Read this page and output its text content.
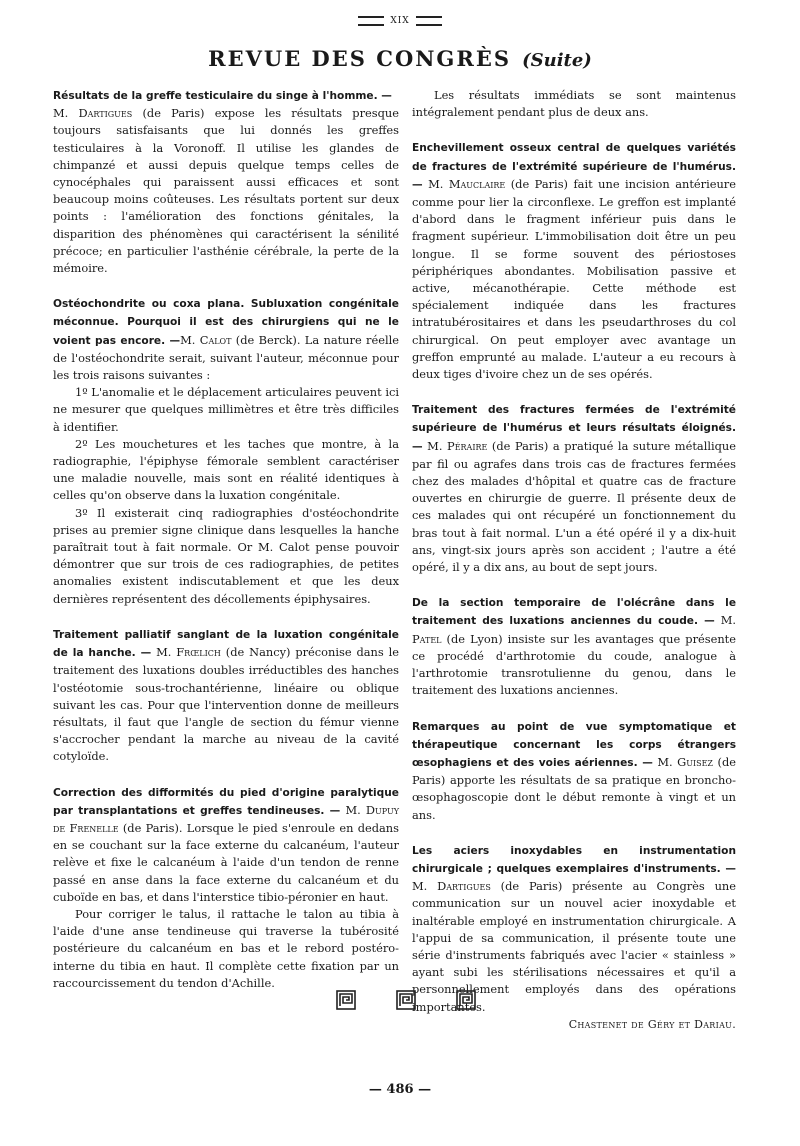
XIX
REVUE DES CONGRÈS (Suite)

Résultats de la greffe testiculaire du singe à l'homme. —
M. Dartigues (de Paris) expose les résultats presque toujours satisfaisants que lui donnés les greffes testiculaires à la Voronoff. Il utilise les glandes de chimpanzé et aussi depuis quelque temps celles de cynocéphales qui paraissent aussi efficaces et sont beaucoup moins coûteuses. Les résultats portent sur deux points : l'amélioration des fonctions génitales, la disparition des phénomènes qui caractérisent la sénilité précoce; en particulier l'asthénie cérébrale, la perte de la mémoire.

Ostéochondrite ou coxa plana. Subluxation congénitale méconnue. Pourquoi il est des chirurgiens qui ne le voient pas encore. —M. Calot (de Berck). La nature réelle de l'ostéochondrite serait, suivant l'auteur, méconnue pour les trois raisons suivantes :

1º L'anomalie et le déplacement articulaires peuvent ici ne mesurer que quelques millimètres et être très difficiles à identifier.

2º Les mouchetures et les taches que montre, à la radiographie, l'épiphyse fémorale semblent caractériser une maladie nouvelle, mais sont en réalité identiques à celles qu'on observe dans la luxation congénitale.

3º Il existerait cinq radiographies d'ostéochondrite prises au premier signe clinique dans lesquelles la hanche paraîtrait tout à fait normale. Or M. Calot pense pouvoir démontrer que sur trois de ces radiographies, de petites anomalies existent indiscutablement et que les deux dernières représentent des décollements épiphysaires.

Traitement palliatif sanglant de la luxation congénitale de la hanche. — M. Frœlich (de Nancy) préconise dans le traitement des luxations doubles irréductibles des hanches l'ostéotomie sous-trochantérienne, linéaire ou oblique suivant les cas. Pour que l'intervention donne de meilleurs résultats, il faut que l'angle de section du fémur vienne s'accrocher pendant la marche au niveau de la cavité cotyloïde.

Correction des difformités du pied d'origine paralytique par transplantations et greffes tendineuses. — M. Dupuy de Frenelle (de Paris). Lorsque le pied s'enroule en dedans en se couchant sur la face externe du calcanéum, l'auteur relève et fixe le calcanéum à l'aide d'un tendon de renne passé en anse dans la face externe du calcanéum et du cuboïde en bas, et dans l'interstice tibio-péronier en haut.

Pour corriger le talus, il rattache le talon au tibia à l'aide d'une anse tendineuse qui traverse la tubérosité postérieure du calcanéum en bas et le rebord postéro-interne du tibia en haut. Il complète cette fixation par un raccourcissement du tendon d'Achille.

Les résultats immédiats se sont maintenus intégralement pendant plus de deux ans.

Enchevillement osseux central de quelques variétés de fractures de l'extrémité supérieure de l'humérus. — M. Mauclaire (de Paris) fait une incision antérieure comme pour lier la circonflexe. Le greffon est implanté d'abord dans le fragment inférieur puis dans le fragment supérieur. L'immobilisation doit être un peu longue. Il se forme souvent des périostoses périphériques abondantes. Mobilisation passive et active, mécanothérapie. Cette méthode est spécialement indiquée dans les fractures intratubérositaires et dans les pseudarthroses du col chirurgical. On peut employer avec avantage un greffon emprunté au malade. L'auteur a eu recours à deux tiges d'ivoire chez un de ses opérés.

Traitement des fractures fermées de l'extrémité supérieure de l'humérus et leurs résultats éloignés. — M. Péraire (de Paris) a pratiqué la suture métallique par fil ou agrafes dans trois cas de fractures fermées chez des malades d'hôpital et quatre cas de fracture ouvertes en chirurgie de guerre. Il présente deux de ces malades qui ont récupéré un fonctionnement du bras tout à fait normal. L'un a été opéré il y a dix-huit ans, vingt-six jours après son accident ; l'autre a été opéré, il y a dix ans, au bout de sept jours.

De la section temporaire de l'olécrâne dans le traitement des luxations anciennes du coude. — M. Patel (de Lyon) insiste sur les avantages que présente ce procédé d'arthrotomie du coude, analogue à l'arthrotomie transrotulienne du genou, dans le traitement des luxations anciennes.

Remarques au point de vue symptomatique et thérapeutique concernant les corps étrangers œsophagiens et des voies aériennes. — M. Guisez (de Paris) apporte les résultats de sa pratique en broncho-œsophagoscopie dont le début remonte à vingt et un ans.

Les aciers inoxydables en instrumentation chirurgicale ; quelques exemplaires d'instruments. — M. Dartigues (de Paris) présente au Congrès une communication sur un nouvel acier inoxydable et inaltérable employé en instrumentation chirurgicale. A l'appui de sa communication, il présente toute une série d'instruments fabriqués avec l'acier « stainless » ayant subi les stérilisations nécessaires et qu'il a personnellement employés dans des opérations importantes.

Chastenet de Géry et Dariau.

— 486 —
